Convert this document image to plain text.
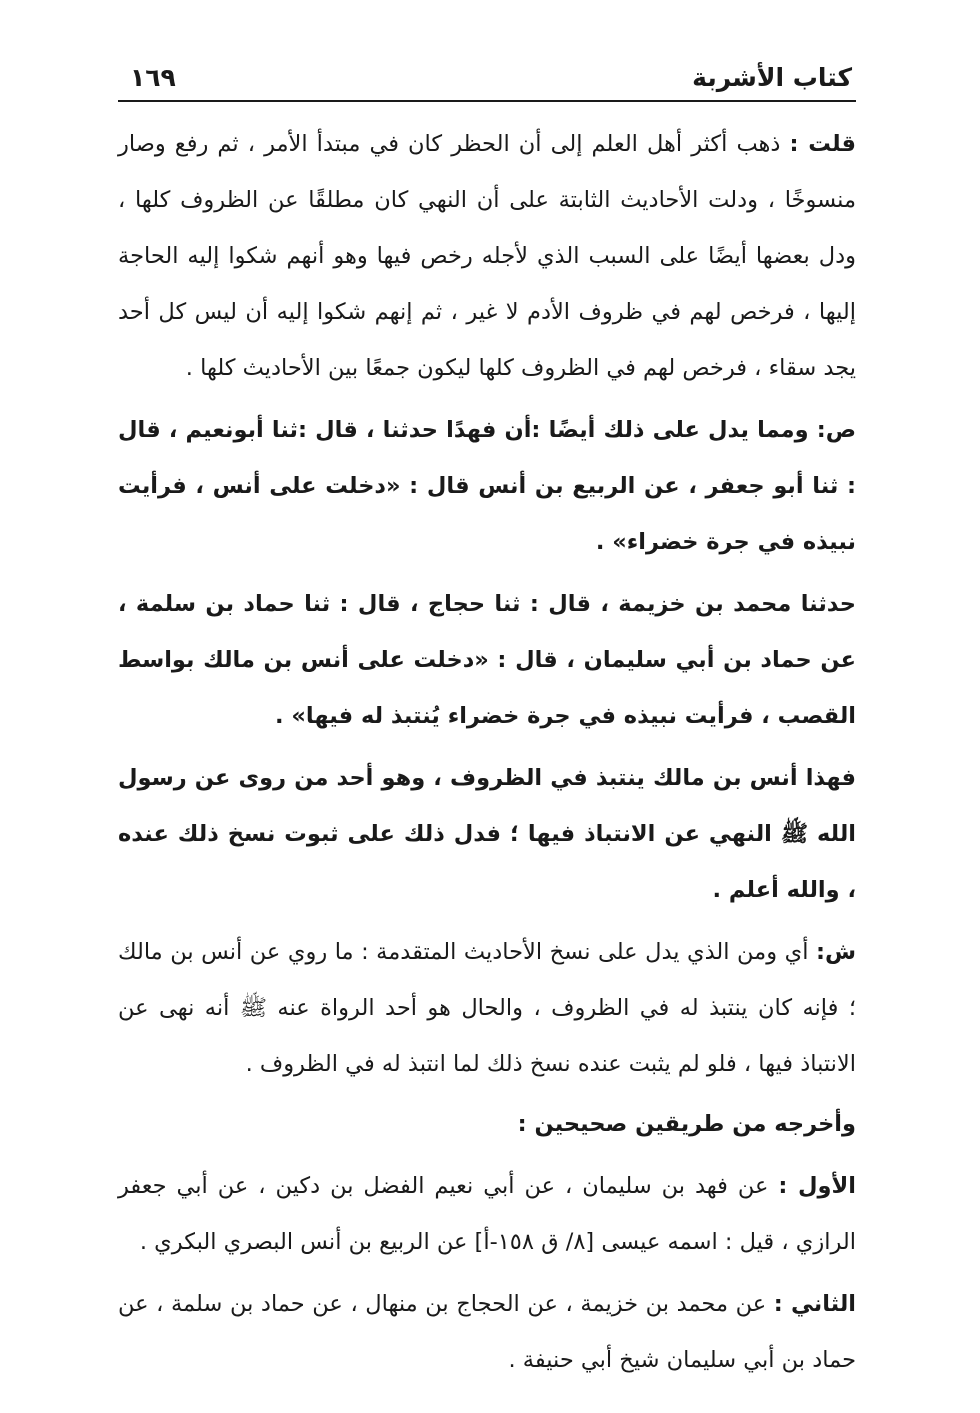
كتاب الأشربة
١٦٩

قلت : ذهب أكثر أهل العلم إلى أن الحظر كان في مبتدأ الأمر ، ثم رفع وصار منسوخًا ، ودلت الأحاديث الثابتة على أن النهي كان مطلقًا عن الظروف كلها ، ودل بعضها أيضًا على السبب الذي لأجله رخص فيها وهو أنهم شكوا إليه الحاجة إليها ، فرخص لهم في ظروف الأدم لا غير ، ثم إنهم شكوا إليه أن ليس كل أحد يجد سقاء ، فرخص لهم في الظروف كلها ليكون جمعًا بين الأحاديث كلها .

ص: ومما يدل على ذلك أيضًا :أن فهدًا حدثنا ، قال :ثنا أبونعيم ، قال : ثنا أبو جعفر ، عن الربيع بن أنس قال : «دخلت على أنس ، فرأيت نبيذه في جرة خضراء» .

حدثنا محمد بن خزيمة ، قال : ثنا حجاج ، قال : ثنا حماد بن سلمة ، عن حماد بن أبي سليمان ، قال : «دخلت على أنس بن مالك بواسط القصب ، فرأيت نبيذه في جرة خضراء يُنتبذ له فيها» .

فهذا أنس بن مالك ينتبذ في الظروف ، وهو أحد من روى عن رسول الله ﷺ النهي عن الانتباذ فيها ؛ فدل ذلك على ثبوت نسخ ذلك عنده ، والله أعلم .

ش: أي ومن الذي يدل على نسخ الأحاديث المتقدمة : ما روي عن أنس بن مالك ؛ فإنه كان ينتبذ له في الظروف ، والحال هو أحد الرواة عنه ﷺ أنه نهى عن الانتباذ فيها ، فلو لم يثبت عنده نسخ ذلك لما انتبذ له في الظروف .

وأخرجه من طريقين صحيحين :

الأول : عن فهد بن سليمان ، عن أبي نعيم الفضل بن دكين ، عن أبي جعفر الرازي ، قيل : اسمه عيسى [٨/ ق ١٥٨-أ] عن الربيع بن أنس البصري البكري .

الثاني : عن محمد بن خزيمة ، عن الحجاج بن منهال ، عن حماد بن سلمة ، عن حماد بن أبي سليمان شيخ أبي حنيفة .
